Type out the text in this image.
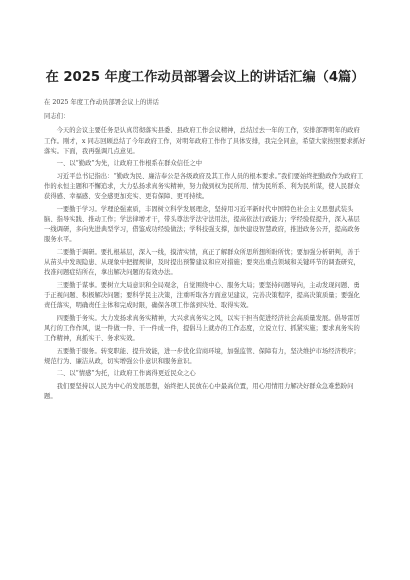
在 2025 年度工作动员部署会议上的讲话汇编（4篇）

在 2025 年度工作动员部署会议上的讲话

同志们：

今天的会议主要任务是认真贯彻落实县委、县政府工作会议精神，总结过去一年的工作，安排部署明年的政府工作。刚才，x 同志回顾总结了今年政府工作，对明年政府工作作了具体安排，我完全同意，希望大家按照要求抓好落实。下面，我再强调几点意见。

一、以“勤政”为先，让政府工作根系在群众信任之中

习近平总书记指出：“勤政为民、廉洁奉公是各级政府及其工作人员的根本要求。”我们要始终把勤政作为政府工作的永恒主题和不懈追求，大力弘扬求真务实精神，努力做到权为民所用、情为民所系、利为民所谋，使人民群众获得感、幸福感、安全感更加充实、更有保障、更可持续。

一要勤于学习。学理论强素质，丰固树立科学发展理念，坚持用习近平新时代中国特色社会主义思想武装头脑、指导实践、推动工作；学法律增才干，带头尊法学法守法用法，提高依法行政能力；学经验促提升，深入基层一线调研，多向先进典型学习，借鉴成功经验做法；学科技强支撑，加快建设智慧政府，推进政务公开，提高政务服务水平。

二要勤于调研。要扎根基层，深入一线，摸清实情，真正了解群众所思所想所盼所忧；要加强分析研判，善于从苗头中发现隐患、从现象中把握规律，及时提出预警建议和应对措施；要突出重点领域和关键环节的调查研究，找准问题症结所在，拿出解决问题的有效办法。

三要勤于谋事。要树立大局意识和全局观念，自觉围绕中心、服务大局；要坚持问题导向，主动发现问题、勇于正视问题、积极解决问题；要科学民主决策，注重听取各方面意见建议，完善决策程序，提高决策质量；要强化责任落实，明确责任主体和完成时限，确保各项工作落到实处、取得实效。

四要勤于务实。大力发扬求真务实精神，大兴求真务实之风，以实干担当促进经济社会高质量发展。倡导雷厉风行的工作作风，说一件做一件、干一件成一件，提倡马上就办的工作态度，立说立行、抓紧实施；要求真务实的工作精神，真抓实干、务求实效。

五要勤于服务。转变职能、提升效能，进一步优化营商环境，加强监管、保障有力，坚决维护市场经济秩序；规范行为、廉洁从政，切实增强公仆意识和服务意识。

二、以“情感”为托，让政府工作离得更近民众之心

我们要坚持以人民为中心的发展思想，始终把人民放在心中最高位置，用心用情用力解决好群众急难愁盼问题。
